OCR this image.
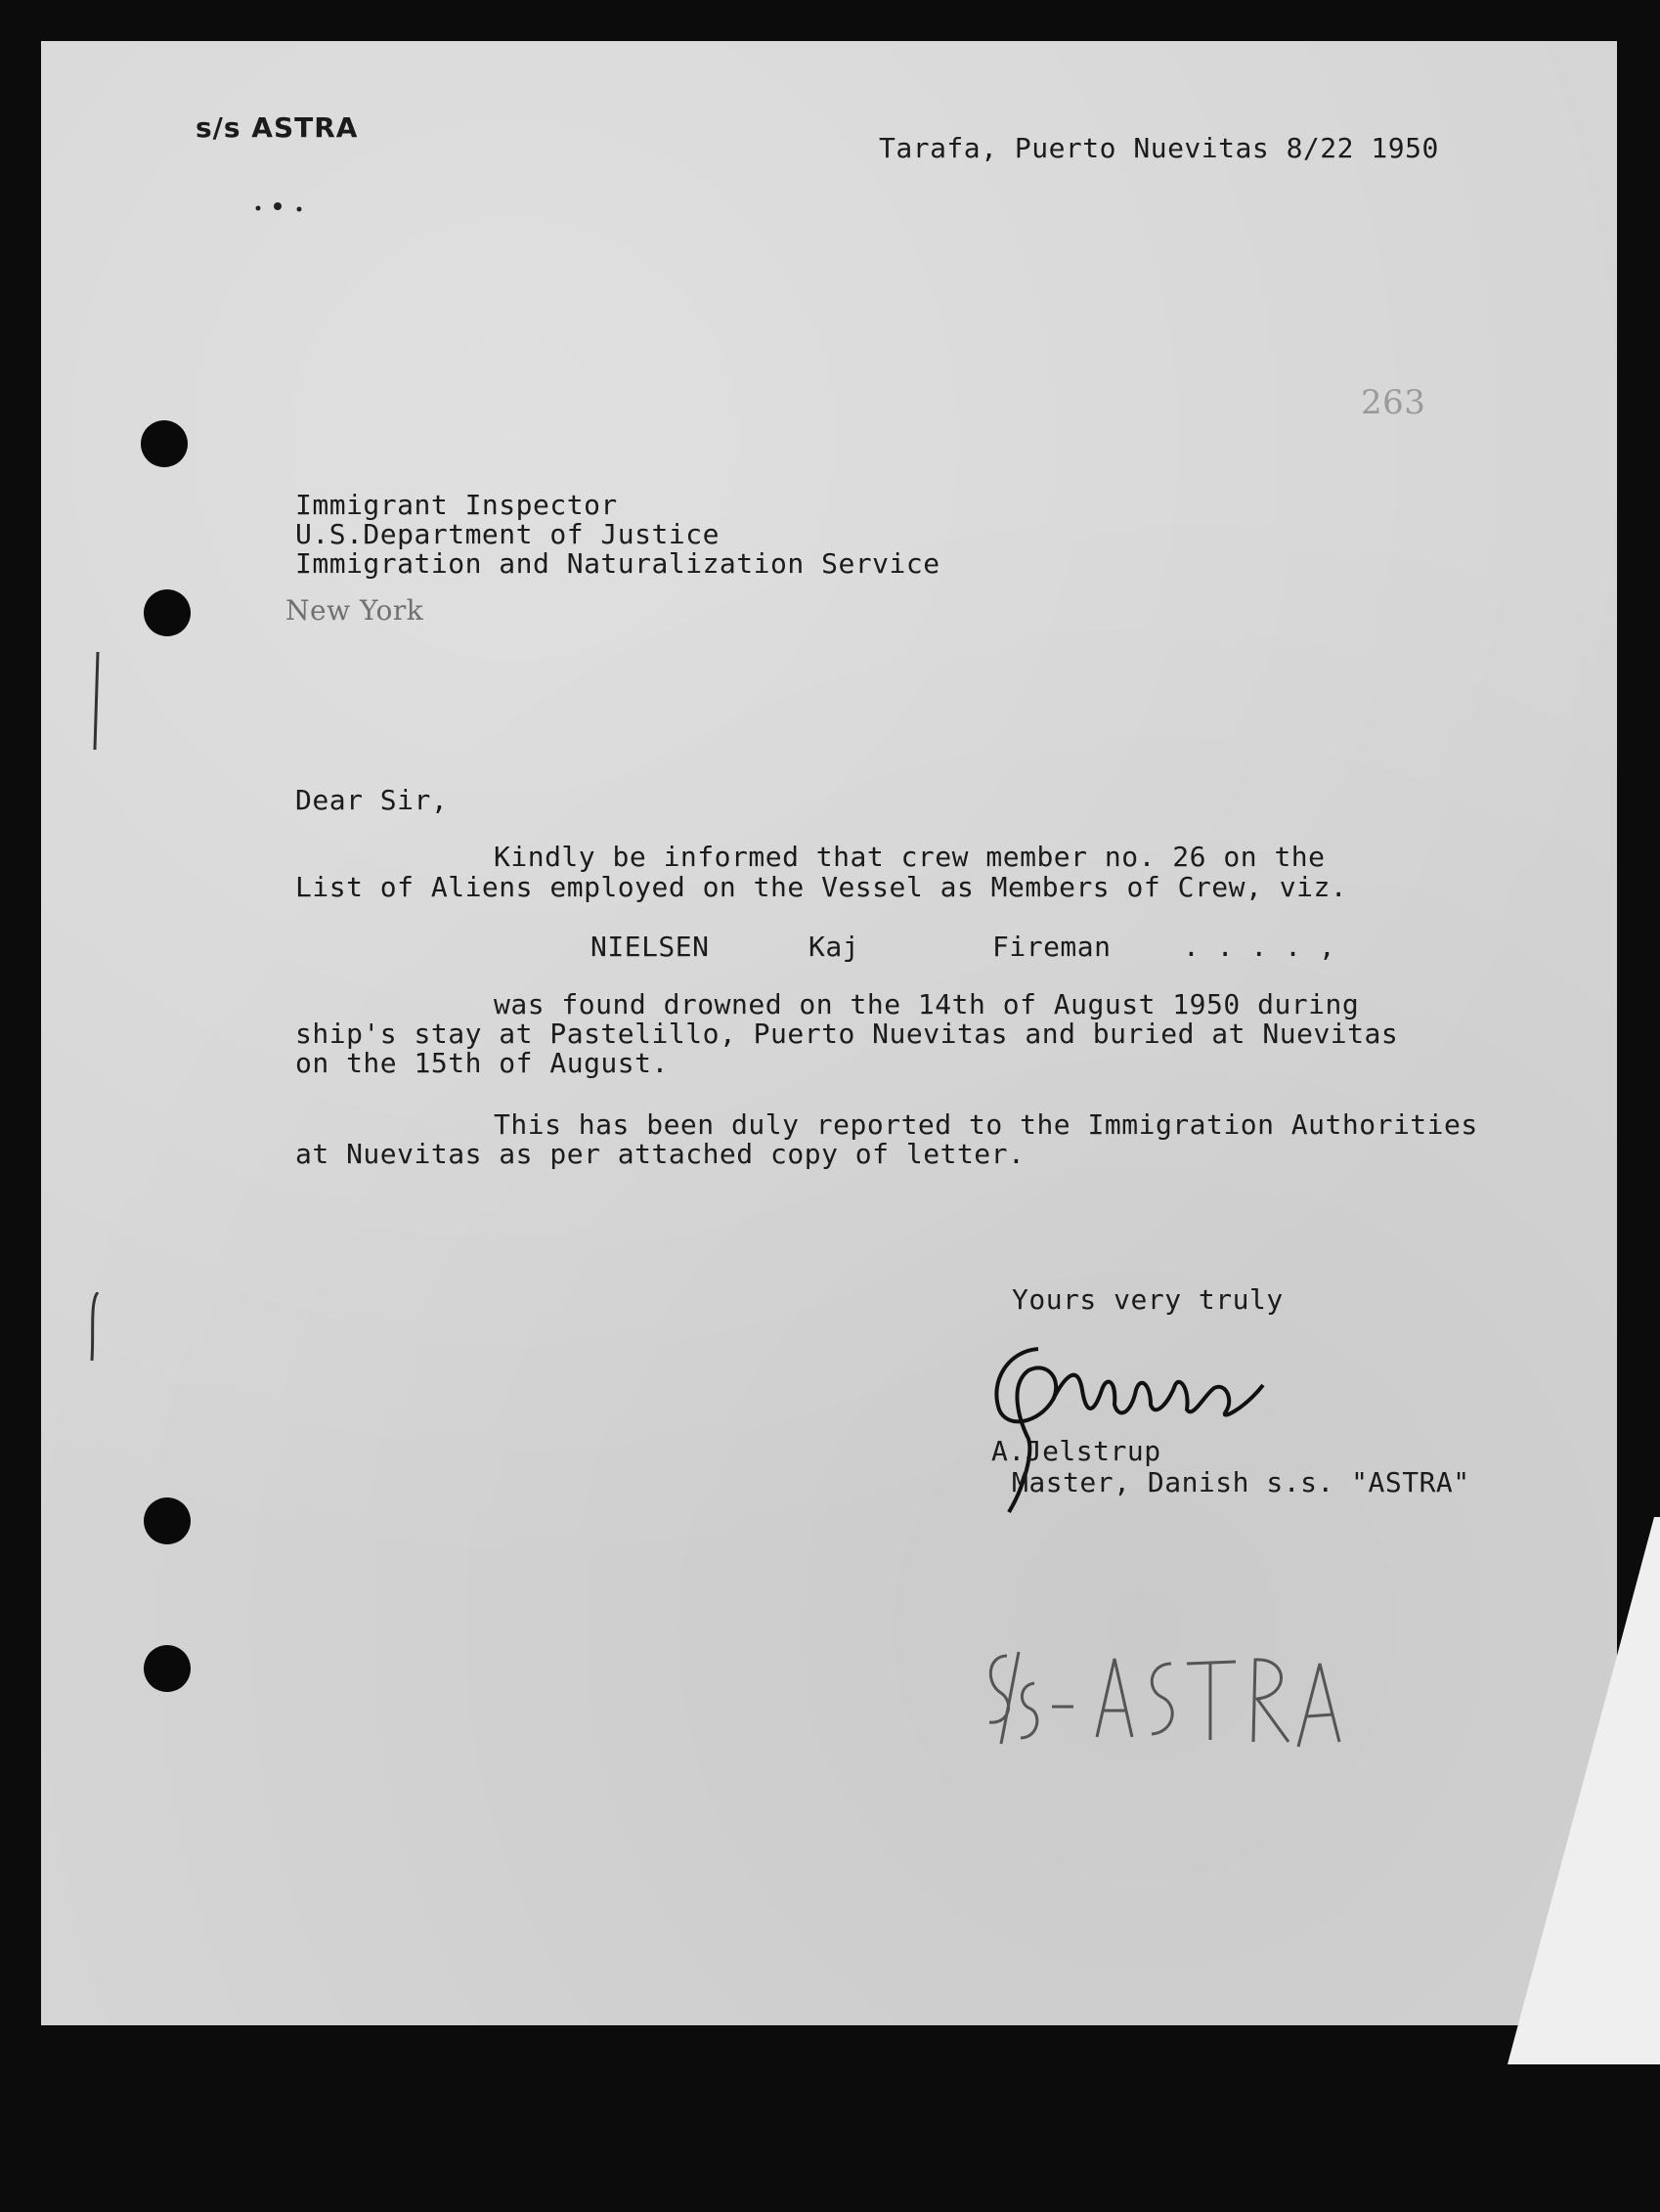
s/s ASTRA
Tarafa, Puerto Nuevitas 8/22 1950
263
Immigrant Inspector
U.S.Department of Justice
Immigration and Naturalization Service
New York
Dear Sir,
Kindly be informed that crew member no. 26 on the
List of Aliens employed on the Vessel as Members of Crew, viz.

NIELSEN

	Kaj

	Fireman

	. . . . ,

was found drowned on the 14th of August 1950 during
ship's stay at Pastelillo, Puerto Nuevitas and buried at Nuevitas
on the 15th of August.
This has been duly reported to the Immigration Authorities
at Nuevitas as per attached copy of letter.
Yours very truly
A.Jelstrup
Master, Danish s.s. "ASTRA"
